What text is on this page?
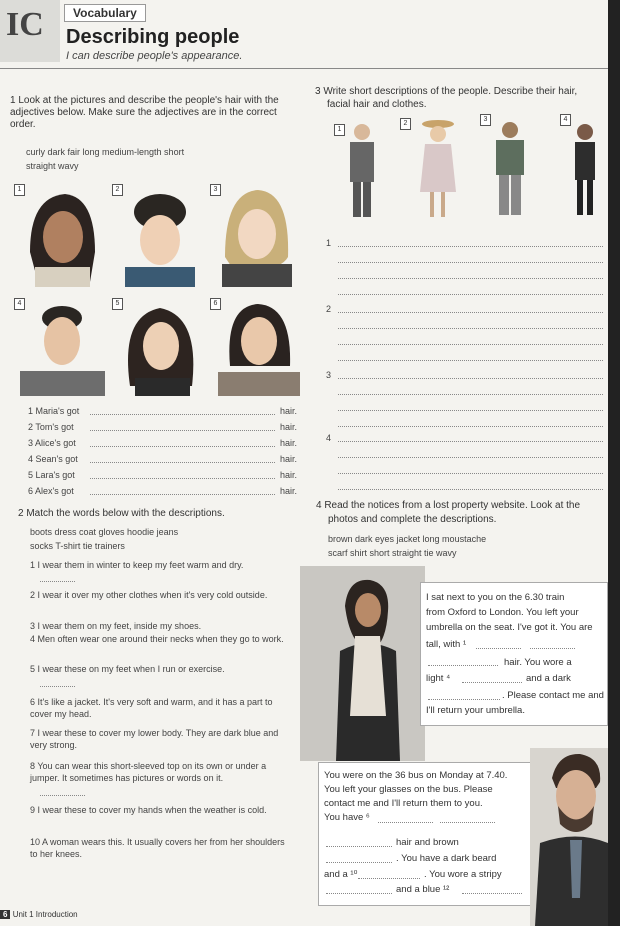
IC	Vocabulary
Describing people
I can describe people's appearance.
1 Look at the pictures and describe the people's hair with the adjectives below. Make sure the adjectives are in the correct order.
curly dark fair long medium-length short
straight wavy
1	2	3
4	5	6
1 Maria's got	hair.
2 Tom's got	hair.
3 Alice's got	hair.
4 Sean's got	hair.
5 Lara's got	hair.
6 Alex's got	hair.
2 Match the words below with the descriptions.
boots dress coat gloves hoodie jeans
socks T-shirt tie trainers
1 I wear them in winter to keep my feet warm and dry.
2 I wear it over my other clothes when it's very cold outside.
3 I wear them on my feet, inside my shoes.
4 Men often wear one around their necks when they go to work.
5 I wear these on my feet when I run or exercise.
6 It's like a jacket. It's very soft and warm, and it has a part to cover my head.
7 I wear these to cover my lower body. They are dark blue and very strong.
8 You can wear this short-sleeved top on its own or under a jumper. It sometimes has pictures or words on it.
9 I wear these to cover my hands when the weather is cold.
10 A woman wears this. It usually covers her from her shoulders to her knees.
3 Write short descriptions of the people. Describe their hair,
facial hair and clothes.
1
2
3	4
1
2
3
4
4 Read the notices from a lost property website. Look at the
photos and complete the descriptions.
brown dark eyes jacket long moustache
scarf shirt short straight tie wavy
I sat next to you on the 6.30 train
from Oxford to London. You left your
umbrella on the seat. I've got it. You are
tall, with ¹
hair. You wore a
light ⁴	and a dark
. Please contact me and
I'll return your umbrella.
You were on the 36 bus on Monday at 7.40.
You left your glasses on the bus. Please
contact me and I'll return them to you.
You have ⁶
hair and brown
. You have a dark beard
and a ¹⁰	. You wore a stripy
and a blue ¹²
6 Unit 1 Introduction
